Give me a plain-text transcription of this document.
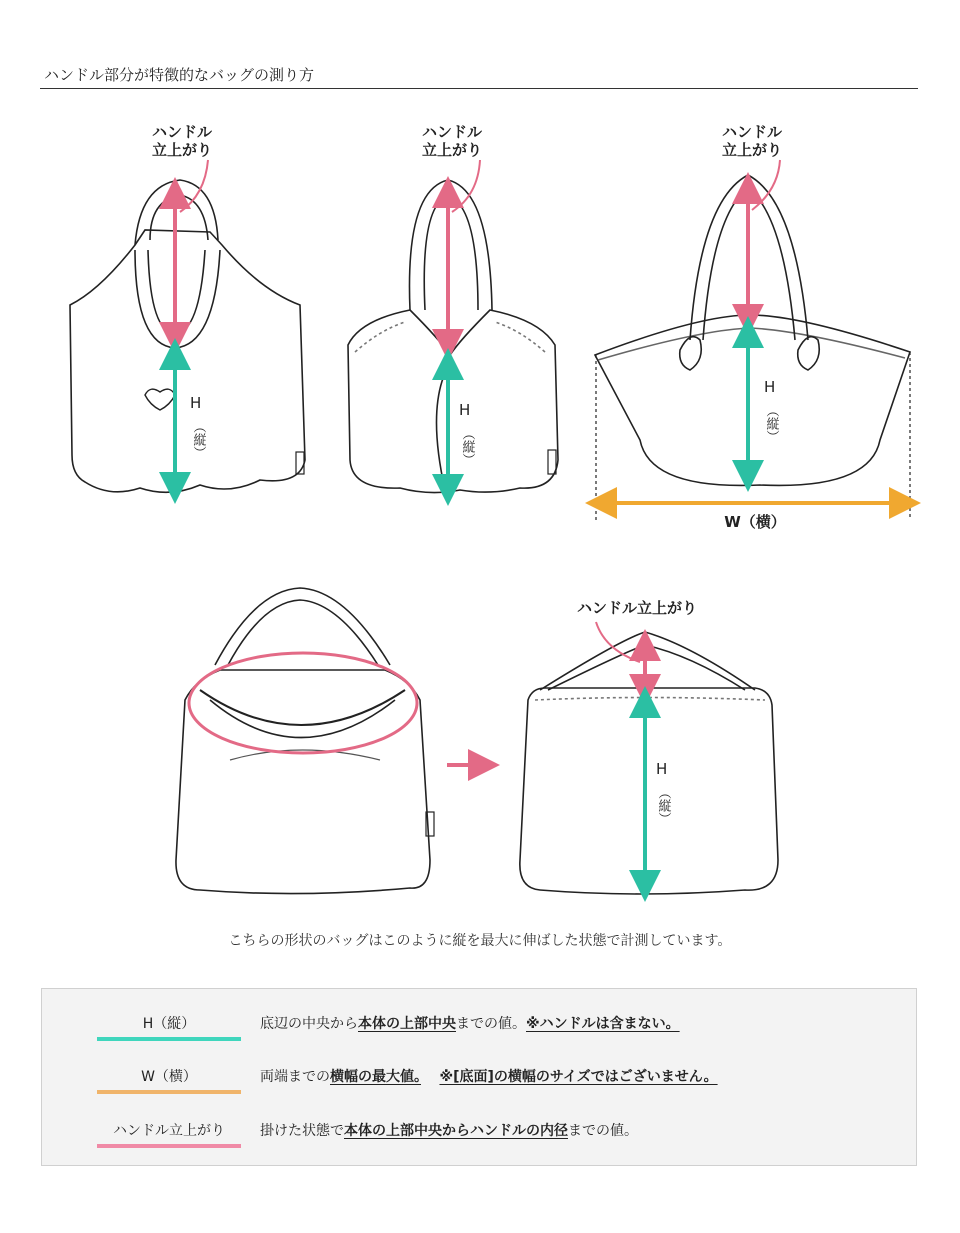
ハンドル部分が特徴的なバッグの測り方
ハンドル
立上がり
ハンドル
立上がり
ハンドル
立上がり
ハンドル立上がり
H
（縦）
H
（縦）
H
（縦）
H
（縦）
W（横）
こちらの形状のバッグはこのように縦を最大に伸ばした状態で計測しています。
H（縦）	底辺の中央から本体の上部中央までの値。※ハンドルは含まない。
W（横）	両端までの横幅の最大値。　 ※[底面]の横幅のサイズではございません。
ハンドル立上がり	掛けた状態で本体の上部中央からハンドルの内径までの値。
